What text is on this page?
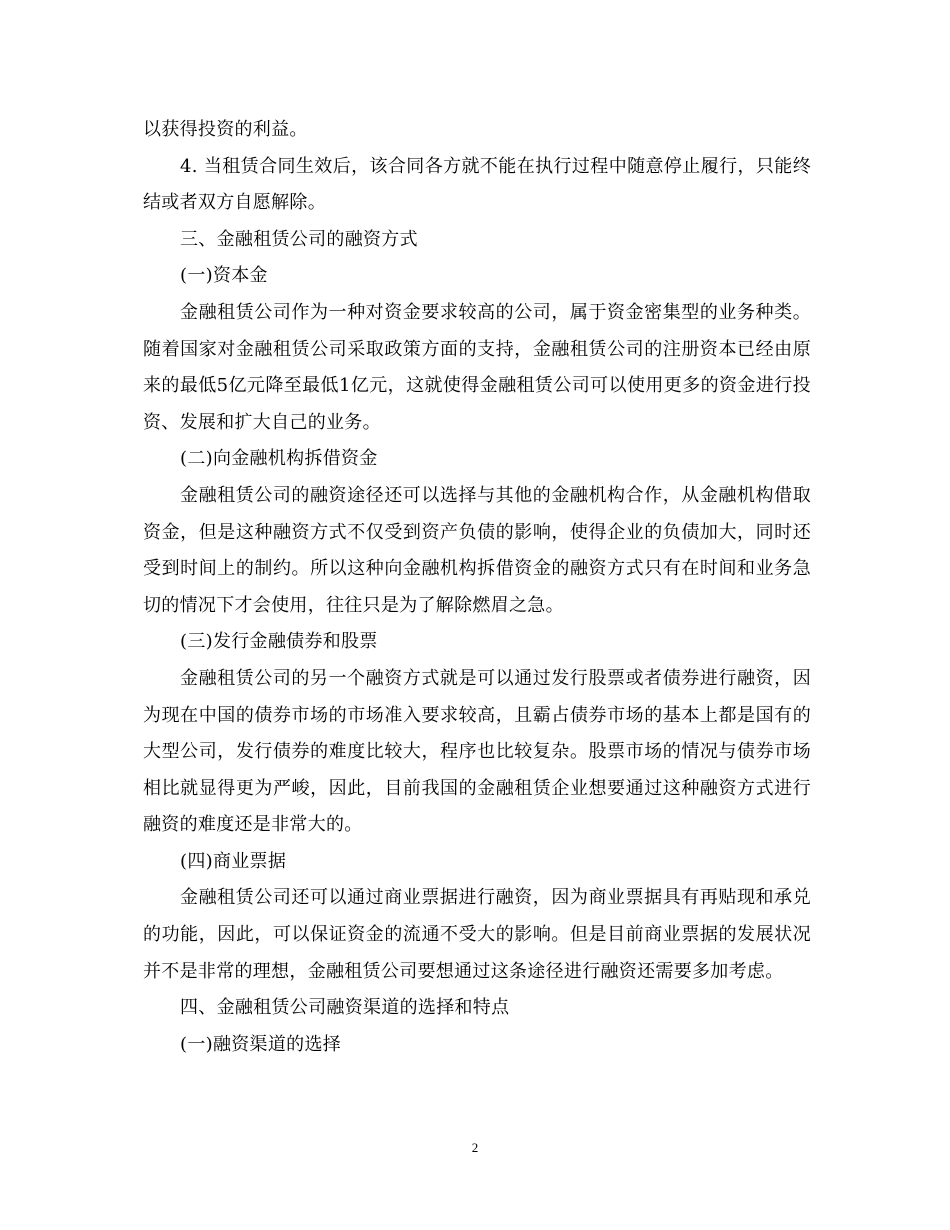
以获得投资的利益。

4. 当租赁合同生效后，该合同各方就不能在执行过程中随意停止履行，只能终结或者双方自愿解除。

三、金融租赁公司的融资方式

(一)资本金

金融租赁公司作为一种对资金要求较高的公司，属于资金密集型的业务种类。随着国家对金融租赁公司采取政策方面的支持，金融租赁公司的注册资本已经由原来的最低5亿元降至最低1亿元，这就使得金融租赁公司可以使用更多的资金进行投资、发展和扩大自己的业务。

(二)向金融机构拆借资金

金融租赁公司的融资途径还可以选择与其他的金融机构合作，从金融机构借取资金，但是这种融资方式不仅受到资产负债的影响，使得企业的负债加大，同时还受到时间上的制约。所以这种向金融机构拆借资金的融资方式只有在时间和业务急切的情况下才会使用，往往只是为了解除燃眉之急。

(三)发行金融债券和股票

金融租赁公司的另一个融资方式就是可以通过发行股票或者债券进行融资，因为现在中国的债券市场的市场准入要求较高，且霸占债券市场的基本上都是国有的大型公司，发行债券的难度比较大，程序也比较复杂。股票市场的情况与债券市场相比就显得更为严峻，因此，目前我国的金融租赁企业想要通过这种融资方式进行融资的难度还是非常大的。

(四)商业票据

金融租赁公司还可以通过商业票据进行融资，因为商业票据具有再贴现和承兑的功能，因此，可以保证资金的流通不受大的影响。但是目前商业票据的发展状况并不是非常的理想，金融租赁公司要想通过这条途径进行融资还需要多加考虑。

四、金融租赁公司融资渠道的选择和特点

(一)融资渠道的选择

2
